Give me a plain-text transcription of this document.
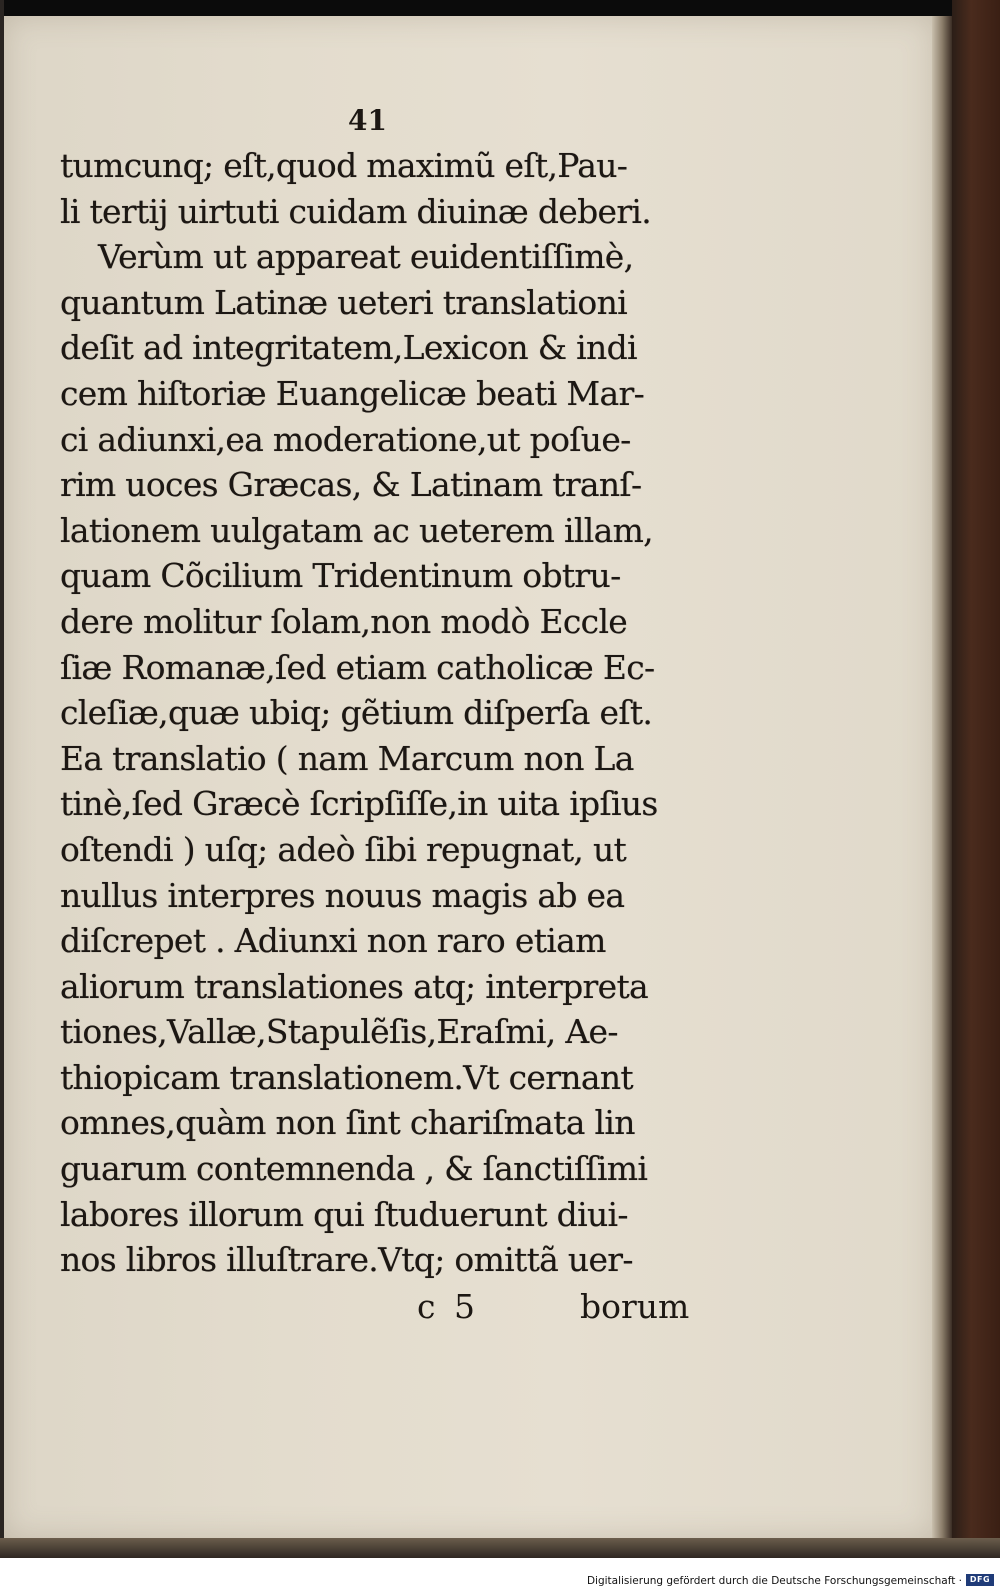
41
tumcunq; eſt,quod maximũ eſt,Pau-
li tertij uirtuti cuidam diuinæ deberi.
Verùm ut appareat euidentiſſimè,
quantum Latinæ ueteri translationi
deſit ad integritatem,Lexicon & indi
cem hiſtoriæ Euangelicæ beati Mar-
ci adiunxi,ea moderatione,ut poſue-
rim uoces Græcas, & Latinam tranſ-
lationem uulgatam ac ueterem illam,
quam Cõcilium Tridentinum obtru-
dere molitur ſolam,non modò Eccle
ſiæ Romanæ,ſed etiam catholicæ Ec-
cleſiæ,quæ ubiq; gẽtium diſperſa eſt.
Ea translatio ( nam Marcum non La
tinè,ſed Græcè ſcripſiſſe,in uita ipſius
oſtendi ) uſq; adeò ſibi repugnat, ut
nullus interpres nouus magis ab ea
diſcrepet . Adiunxi non raro etiam
aliorum translationes atq; interpreta
tiones,Vallæ,Stapulẽſis,Eraſmi, Ae-
thiopicam translationem.Vt cernant
omnes,quàm non ſint chariſmata lin
guarum contemnenda , & ſanctiſſimi
labores illorum qui ſtuduerunt diui-
nos libros illuſtrare.Vtq; omittã uer-
c 5	borum
Digitalisierung gefördert durch die Deutsche Forschungsgemeinschaft · DFG
